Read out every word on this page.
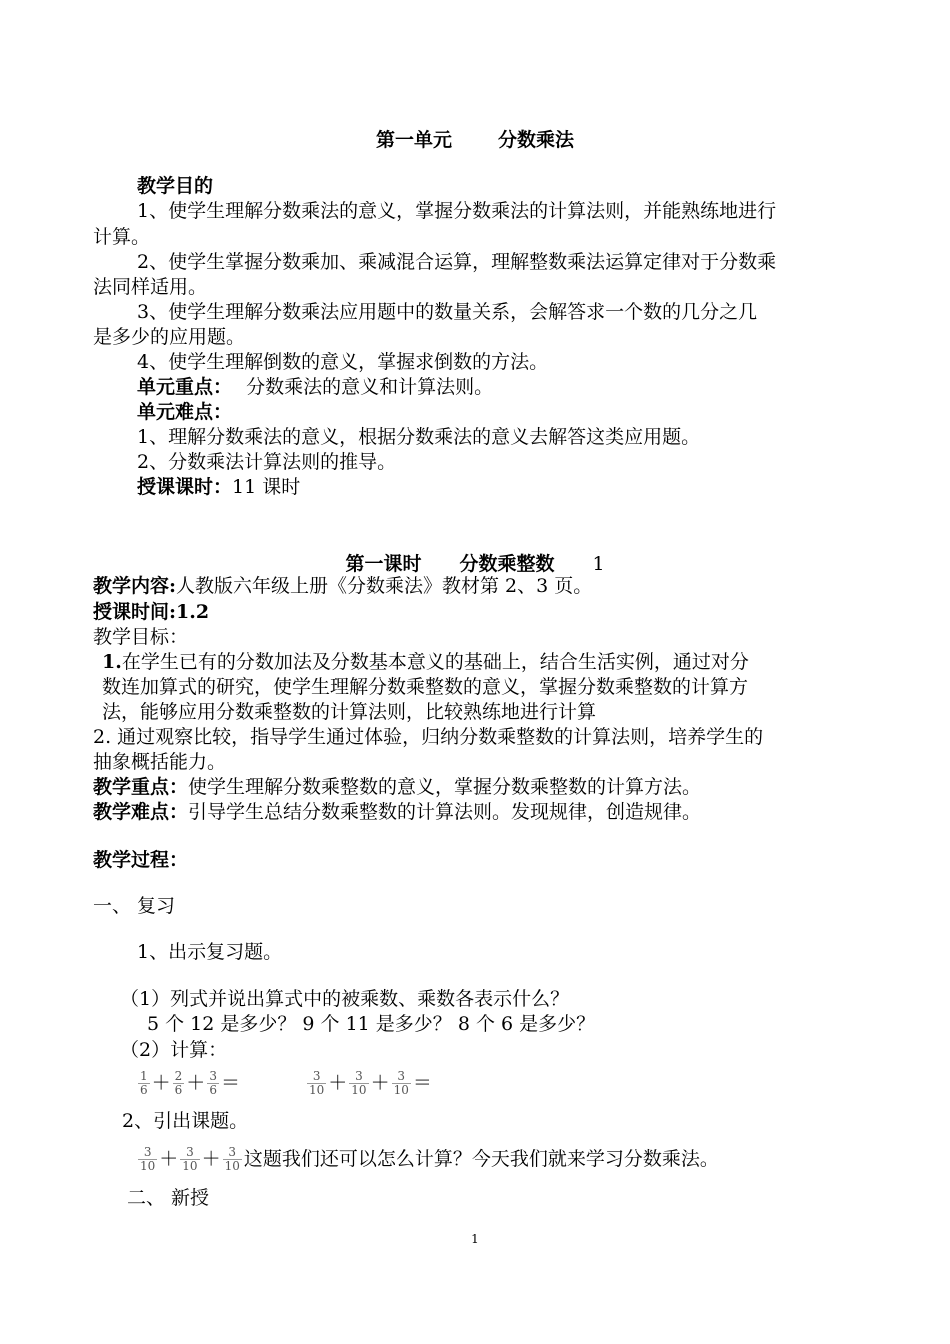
第一单元 分数乘法
教学目的
1、使学生理解分数乘法的意义，掌握分数乘法的计算法则，并能熟练地进行
计算。
2、使学生掌握分数乘加、乘减混合运算，理解整数乘法运算定律对于分数乘
法同样适用。
3、使学生理解分数乘法应用题中的数量关系，会解答求一个数的几分之几
是多少的应用题。
4、使学生理解倒数的意义，掌握求倒数的方法。
单元重点： 分数乘法的意义和计算法则。
单元难点：
1、理解分数乘法的意义，根据分数乘法的意义去解答这类应用题。
2、分数乘法计算法则的推导。
授课课时：11 课时
第一课时 分数乘整数 1
教学内容:人教版六年级上册《分数乘法》教材第 2、3 页。
授课时间:1.2
教学目标：
1.在学生已有的分数加法及分数基本意义的基础上，结合生活实例，通过对分
数连加算式的研究，使学生理解分数乘整数的意义，掌握分数乘整数的计算方
法，能够应用分数乘整数的计算法则，比较熟练地进行计算
2. 通过观察比较，指导学生通过体验，归纳分数乘整数的计算法则，培养学生的
抽象概括能力。
教学重点：使学生理解分数乘整数的意义，掌握分数乘整数的计算方法。
教学难点：引导学生总结分数乘整数的计算法则。发现规律，创造规律。
教学过程：
一、 复习
1、出示复习题。
（1）列式并说出算式中的被乘数、乘数各表示什么？
5 个 12 是多少？ 9 个 11 是多少？ 8 个 6 是多少？
（2）计算：
$\frac{1}{6} + \frac{2}{6} + \frac{3}{6}$ ＝	$\frac{3}{10} + \frac{3}{10} + \frac{3}{10}$ ＝
2、引出课题。
$\frac{3}{10} + \frac{3}{10} + \frac{3}{10}$ 这题我们还可以怎么计算？今天我们就来学习分数乘法。
二、 新授
1
